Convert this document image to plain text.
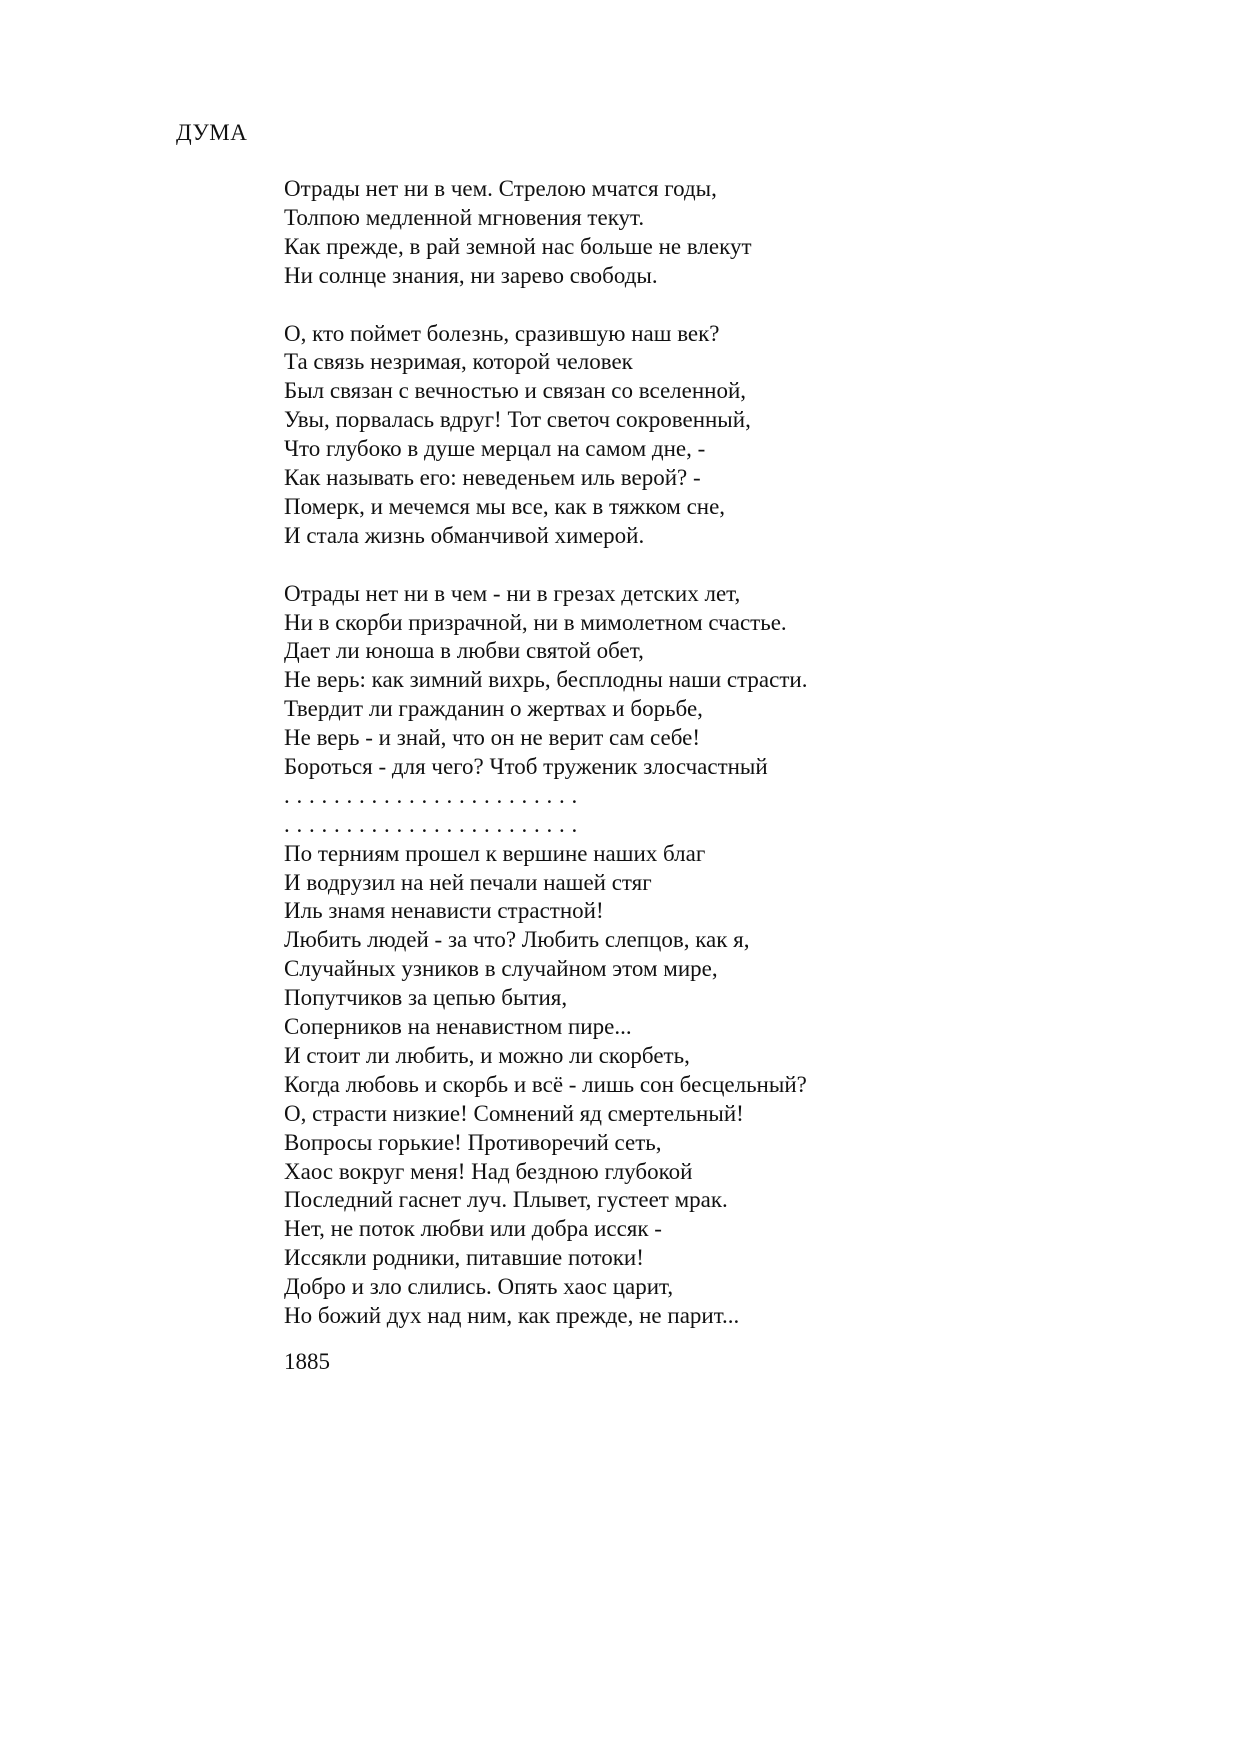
ДУМА
Отрады нет ни в чем. Стрелою мчатся годы,
Толпою медленной мгновения текут.
Как прежде, в рай земной нас больше не влекут
Ни солнце знания, ни зарево свободы.
О, кто поймет болезнь, сразившую наш век?
Та связь незримая, которой человек
Был связан с вечностью и связан со вселенной,
Увы, порвалась вдруг! Тот светоч сокровенный,
Что глубоко в душе мерцал на самом дне, -
Как называть его: неведеньем иль верой? -
Померк, и мечемся мы все, как в тяжком сне,
И стала жизнь обманчивой химерой.
Отрады нет ни в чем - ни в грезах детских лет,
Ни в скорби призрачной, ни в мимолетном счастье.
Дает ли юноша в любви святой обет,
Не верь: как зимний вихрь, бесплодны наши страсти.
Твердит ли гражданин о жертвах и борьбе,
Не верь - и знай, что он не верит сам себе!
Бороться - для чего? Чтоб труженик злосчастный
. . . . . . . . . . . . . . . . . . . . . . . .
. . . . . . . . . . . . . . . . . . . . . . . .
По терниям прошел к вершине наших благ
И водрузил на ней печали нашей стяг
Иль знамя ненависти страстной!
Любить людей - за что? Любить слепцов, как я,
Случайных узников в случайном этом мире,
Попутчиков за цепью бытия,
Соперников на ненавистном пире...
И стоит ли любить, и можно ли скорбеть,
Когда любовь и скорбь и всё - лишь сон бесцельный?
О, страсти низкие! Сомнений яд смертельный!
Вопросы горькие! Противоречий сеть,
Хаос вокруг меня! Над бездною глубокой
Последний гаснет луч. Плывет, густеет мрак.
Нет, не поток любви или добра иссяк -
Иссякли родники, питавшие потоки!
Добро и зло слились. Опять хаос царит,
Но божий дух над ним, как прежде, не парит...
1885
